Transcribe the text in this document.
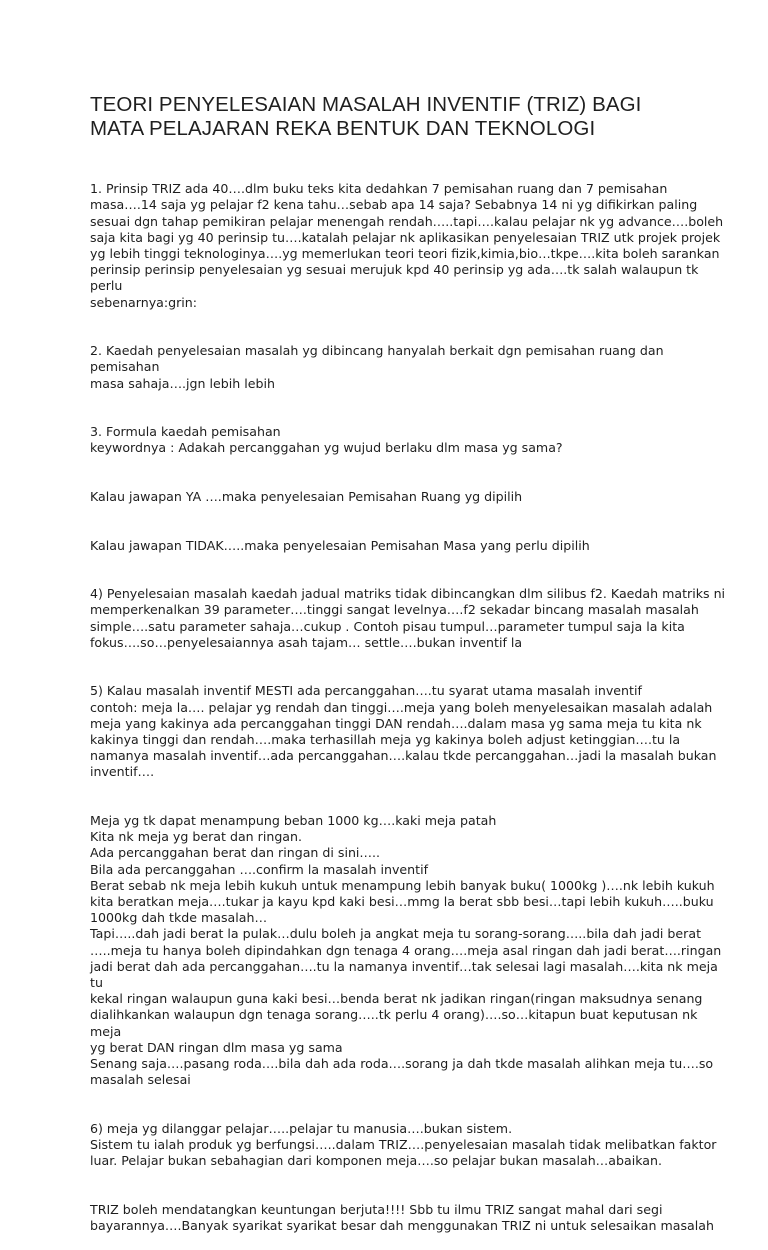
TEORI PENYELESAIAN MASALAH INVENTIF (TRIZ) BAGI
MATA PELAJARAN REKA BENTUK DAN TEKNOLOGI

1. Prinsip TRIZ ada 40….dlm buku teks kita dedahkan 7 pemisahan ruang dan 7 pemisahan
masa….14 saja yg pelajar f2 kena tahu…sebab apa 14 saja? Sebabnya 14 ni yg difikirkan paling
sesuai dgn tahap pemikiran pelajar menengah rendah…..tapi….kalau pelajar nk yg advance….boleh
saja kita bagi yg 40 perinsip tu….katalah pelajar nk aplikasikan penyelesaian TRIZ utk projek projek
yg lebih tinggi teknologinya….yg memerlukan teori teori fizik,kimia,bio…tkpe….kita boleh sarankan
perinsip perinsip penyelesaian yg sesuai merujuk kpd 40 perinsip yg ada….tk salah walaupun tk perlu
sebenarnya:grin:

2. Kaedah penyelesaian masalah yg dibincang hanyalah berkait dgn pemisahan ruang dan pemisahan
masa sahaja….jgn lebih lebih

3. Formula kaedah pemisahan
keywordnya : Adakah percanggahan yg wujud berlaku dlm masa yg sama?

Kalau jawapan YA ….maka penyelesaian Pemisahan Ruang yg dipilih

Kalau jawapan TIDAK…..maka penyelesaian Pemisahan Masa yang perlu dipilih

4) Penyelesaian masalah kaedah jadual matriks tidak dibincangkan dlm silibus f2. Kaedah matriks ni
memperkenalkan 39 parameter….tinggi sangat levelnya….f2 sekadar bincang masalah masalah
simple….satu parameter sahaja…cukup . Contoh pisau tumpul…parameter tumpul saja la kita
fokus….so…penyelesaiannya asah tajam… settle….bukan inventif la

5) Kalau masalah inventif MESTI ada percanggahan….tu syarat utama masalah inventif
contoh: meja la…. pelajar yg rendah dan tinggi….meja yang boleh menyelesaikan masalah adalah
meja yang kakinya ada percanggahan tinggi DAN rendah….dalam masa yg sama meja tu kita nk
kakinya tinggi dan rendah….maka terhasillah meja yg kakinya boleh adjust ketinggian….tu la
namanya masalah inventif…ada percanggahan….kalau tkde percanggahan…jadi la masalah bukan
inventif….

Meja yg tk dapat menampung beban 1000 kg….kaki meja patah
Kita nk meja yg berat dan ringan.
Ada percanggahan berat dan ringan di sini…..
Bila ada percanggahan ….confirm la masalah inventif
Berat sebab nk meja lebih kukuh untuk menampung lebih banyak buku( 1000kg )….nk lebih kukuh
kita beratkan meja….tukar ja kayu kpd kaki besi…mmg la berat sbb besi…tapi lebih kukuh…..buku
1000kg dah tkde masalah…
Tapi…..dah jadi berat la pulak…dulu boleh ja angkat meja tu sorang-sorang…..bila dah jadi berat
…..meja tu hanya boleh dipindahkan dgn tenaga 4 orang….meja asal ringan dah jadi berat….ringan
jadi berat dah ada percanggahan….tu la namanya inventif…tak selesai lagi masalah….kita nk meja tu
kekal ringan walaupun guna kaki besi…benda berat nk jadikan ringan(ringan maksudnya senang
dialihkankan walaupun dgn tenaga sorang…..tk perlu 4 orang)….so…kitapun buat keputusan nk meja
yg berat DAN ringan dlm masa yg sama
Senang saja….pasang roda….bila dah ada roda….sorang ja dah tkde masalah alihkan meja tu….so
masalah selesai

6) meja yg dilanggar pelajar…..pelajar tu manusia….bukan sistem.
Sistem tu ialah produk yg berfungsi…..dalam TRIZ….penyelesaian masalah tidak melibatkan faktor
luar. Pelajar bukan sebahagian dari komponen meja….so pelajar bukan masalah…abaikan.

TRIZ boleh mendatangkan keuntungan berjuta!!!! Sbb tu ilmu TRIZ sangat mahal dari segi
bayarannya….Banyak syarikat syarikat besar dah menggunakan TRIZ ni untuk selesaikan masalah
